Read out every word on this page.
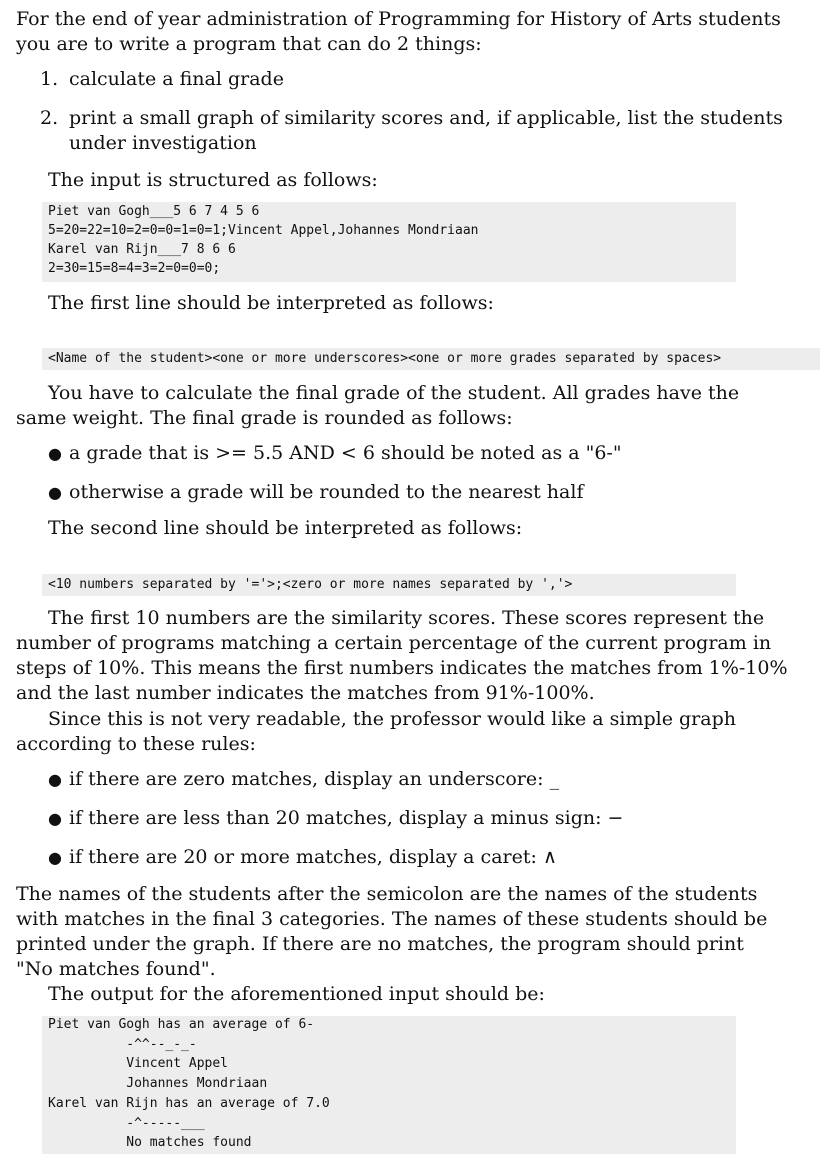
For the end of year administration of Programming for History of Arts students
you are to write a program that can do 2 things:
1. calculate a final grade
2. print a small graph of similarity scores and, if applicable, list the students
under investigation
The input is structured as follows:
Piet van Gogh___5 6 7 4 5 6
5=20=22=10=2=0=0=1=0=1;Vincent Appel,Johannes Mondriaan
Karel van Rijn___7 8 6 6
2=30=15=8=4=3=2=0=0=0;
The first line should be interpreted as follows:
<Name of the student><one or more underscores><one or more grades separated by spaces>
You have to calculate the final grade of the student. All grades have the
same weight. The final grade is rounded as follows:
● a grade that is >= 5.5 AND < 6 should be noted as a "6-"
● otherwise a grade will be rounded to the nearest half
The second line should be interpreted as follows:
<10 numbers separated by '='>;<zero or more names separated by ','>
The first 10 numbers are the similarity scores. These scores represent the
number of programs matching a certain percentage of the current program in
steps of 10%. This means the first numbers indicates the matches from 1%-10%
and the last number indicates the matches from 91%-100%.
Since this is not very readable, the professor would like a simple graph
according to these rules:
● if there are zero matches, display an underscore: _
● if there are less than 20 matches, display a minus sign: −
● if there are 20 or more matches, display a caret: ∧
The names of the students after the semicolon are the names of the students
with matches in the final 3 categories. The names of these students should be
printed under the graph. If there are no matches, the program should print
"No matches found".
The output for the aforementioned input should be:
Piet van Gogh has an average of 6-
-^^--_-_-
Vincent Appel
Johannes Mondriaan
Karel van Rijn has an average of 7.0
-^-----___
No matches found
